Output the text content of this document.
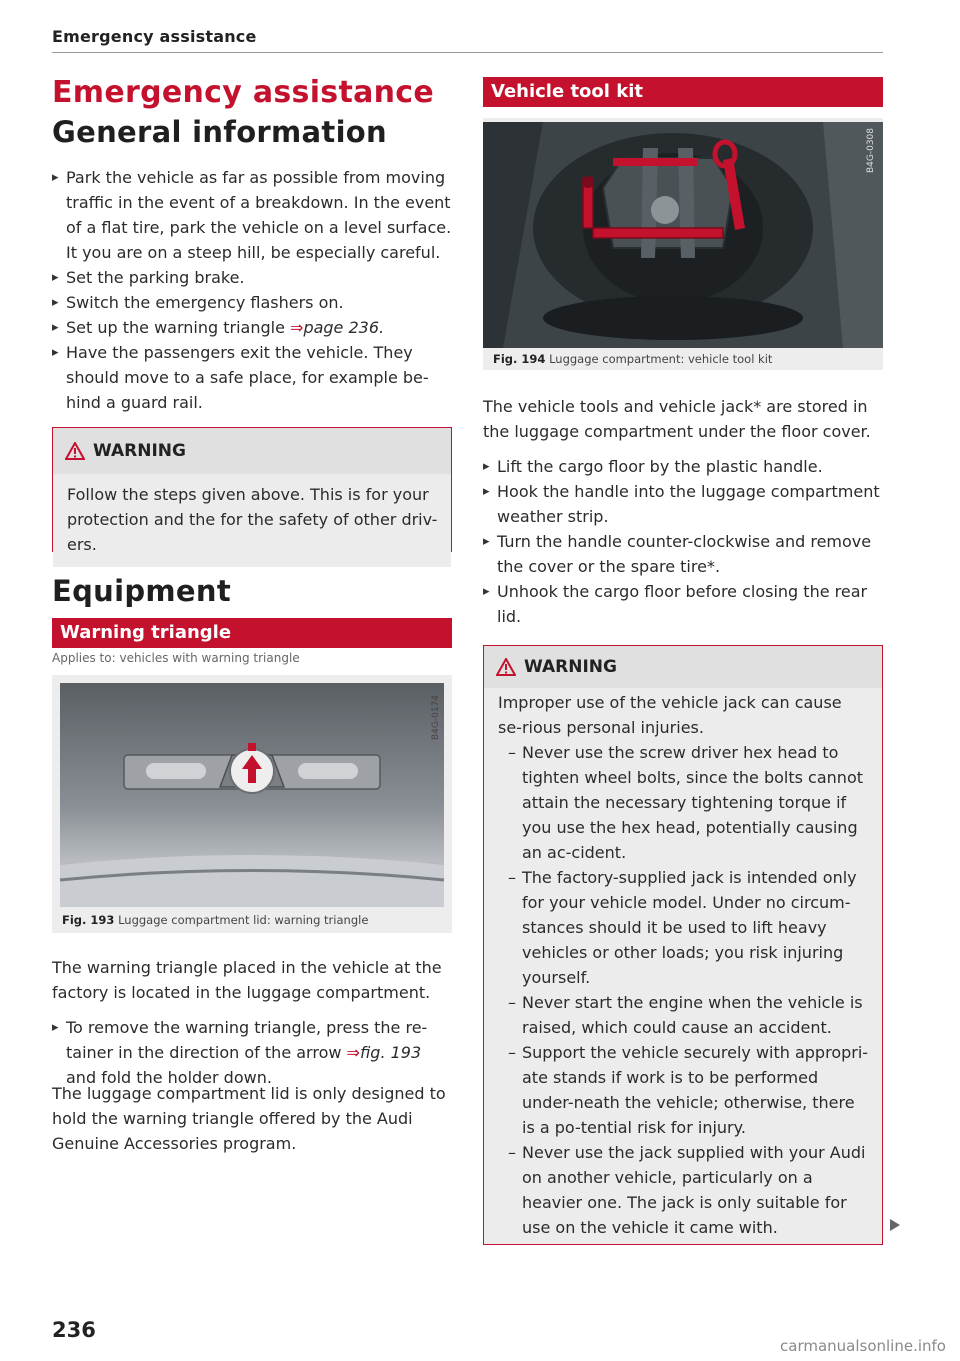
Emergency assistance
Emergency assistance
General information
▸ Park the vehicle as far as possible from moving traffic in the event of a breakdown. In the event of a flat tire, park the vehicle on a level surface. It you are on a steep hill, be especially careful.
▸ Set the parking brake.
▸ Switch the emergency flashers on.
▸ Set up the warning triangle ⇒page 236.
▸ Have the passengers exit the vehicle. They should move to a safe place, for example be-hind a guard rail.
WARNING
Follow the steps given above. This is for your protection and the for the safety of other driv-ers.
Equipment
Warning triangle
Applies to: vehicles with warning triangle
B4G-0174
Fig. 193 Luggage compartment lid: warning triangle
The warning triangle placed in the vehicle at the factory is located in the luggage compartment.
▸ To remove the warning triangle, press the re-tainer in the direction of the arrow ⇒fig. 193
and fold the holder down.
The luggage compartment lid is only designed to hold the warning triangle offered by the Audi Genuine Accessories program.
236
Vehicle tool kit
B4G-0308
Fig. 194 Luggage compartment: vehicle tool kit
The vehicle tools and vehicle jack* are stored in the luggage compartment under the floor cover.
▸ Lift the cargo floor by the plastic handle.
▸ Hook the handle into the luggage compartment weather strip.
▸ Turn the handle counter-clockwise and remove the cover or the spare tire*.
▸ Unhook the cargo floor before closing the rear lid.
WARNING
Improper use of the vehicle jack can cause se-rious personal injuries.
– Never use the screw driver hex head to tighten wheel bolts, since the bolts cannot attain the necessary tightening torque if you use the hex head, potentially causing an ac-cident.
– The factory-supplied jack is intended only for your vehicle model. Under no circum-stances should it be used to lift heavy vehicles or other loads; you risk injuring yourself.
– Never start the engine when the vehicle is raised, which could cause an accident.
– Support the vehicle securely with appropri-ate stands if work is to be performed under-neath the vehicle; otherwise, there is a po-tential risk for injury.
– Never use the jack supplied with your Audi on another vehicle, particularly on a heavier one. The jack is only suitable for use on the vehicle it came with.
carmanualsonline.info
